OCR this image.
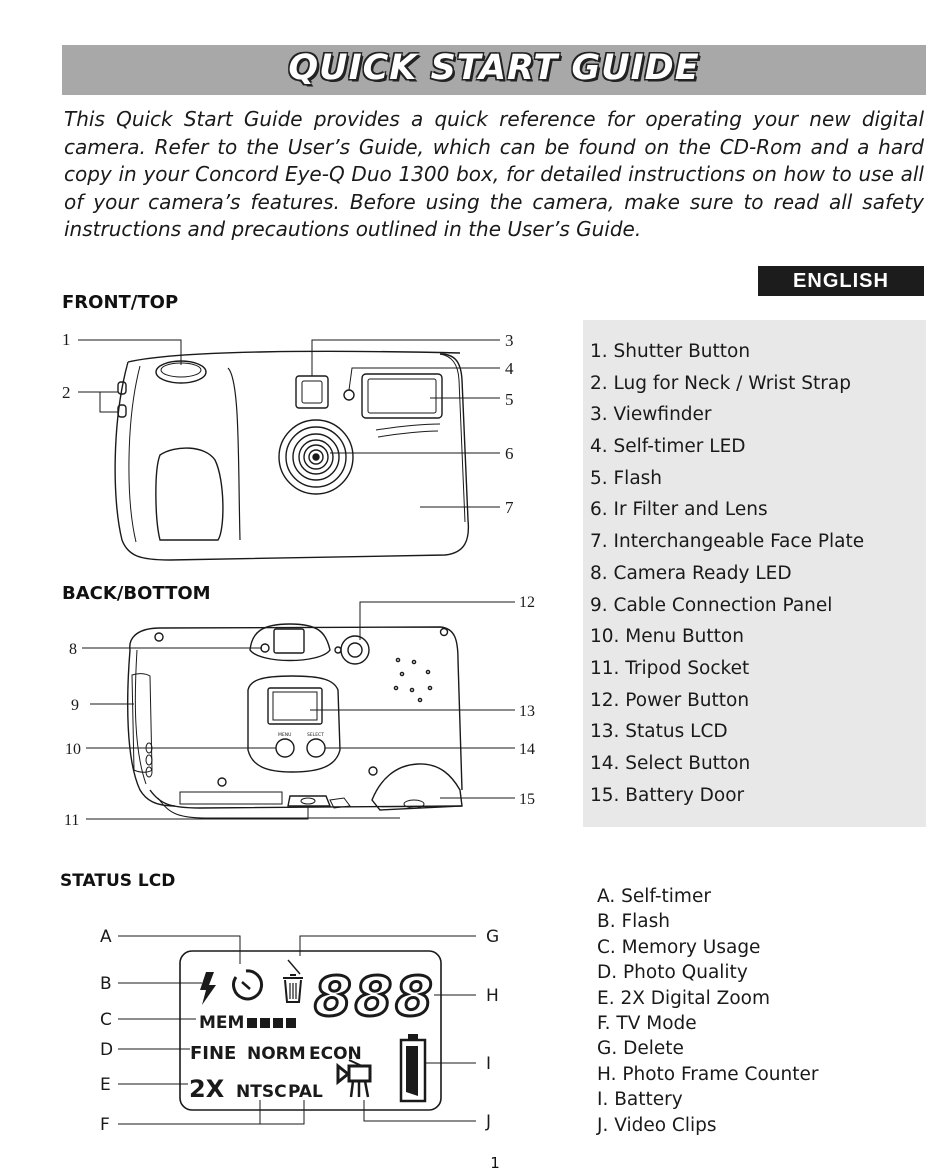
QUICK START GUIDE
This Quick Start Guide provides a quick reference for operating your new digital camera. Refer to the User’s Guide, which can be found on the CD-Rom and a hard copy in your Concord Eye-Q Duo 1300 box, for detailed instructions on how to use all of your camera’s features. Before using the camera, make sure to read all safety instructions and precautions outlined in the User’s Guide.
ENGLISH
FRONT/TOP
BACK/BOTTOM
STATUS LCD
1. Shutter Button
2. Lug for Neck / Wrist Strap
3. Viewfinder
4. Self-timer LED
5. Flash
6. Ir Filter and Lens
7. Interchangeable Face Plate
8. Camera Ready LED
9. Cable Connection Panel
10. Menu Button
11. Tripod Socket
12. Power Button
13. Status LCD
14. Select Button
15. Battery Door
A. Self-timer
B. Flash
C. Memory Usage
D. Photo Quality
E. 2X Digital Zoom
F. TV Mode
G. Delete
H. Photo Frame Counter
I. Battery
J. Video Clips
888
MEM
FINE NORM ECON
2X NTSC PAL
MENU	SELECT
1
2
3
4
5
6
7
8
9
10
11
12
13
14
15
A
B
C
D
E
F
G
H
I
J
1
